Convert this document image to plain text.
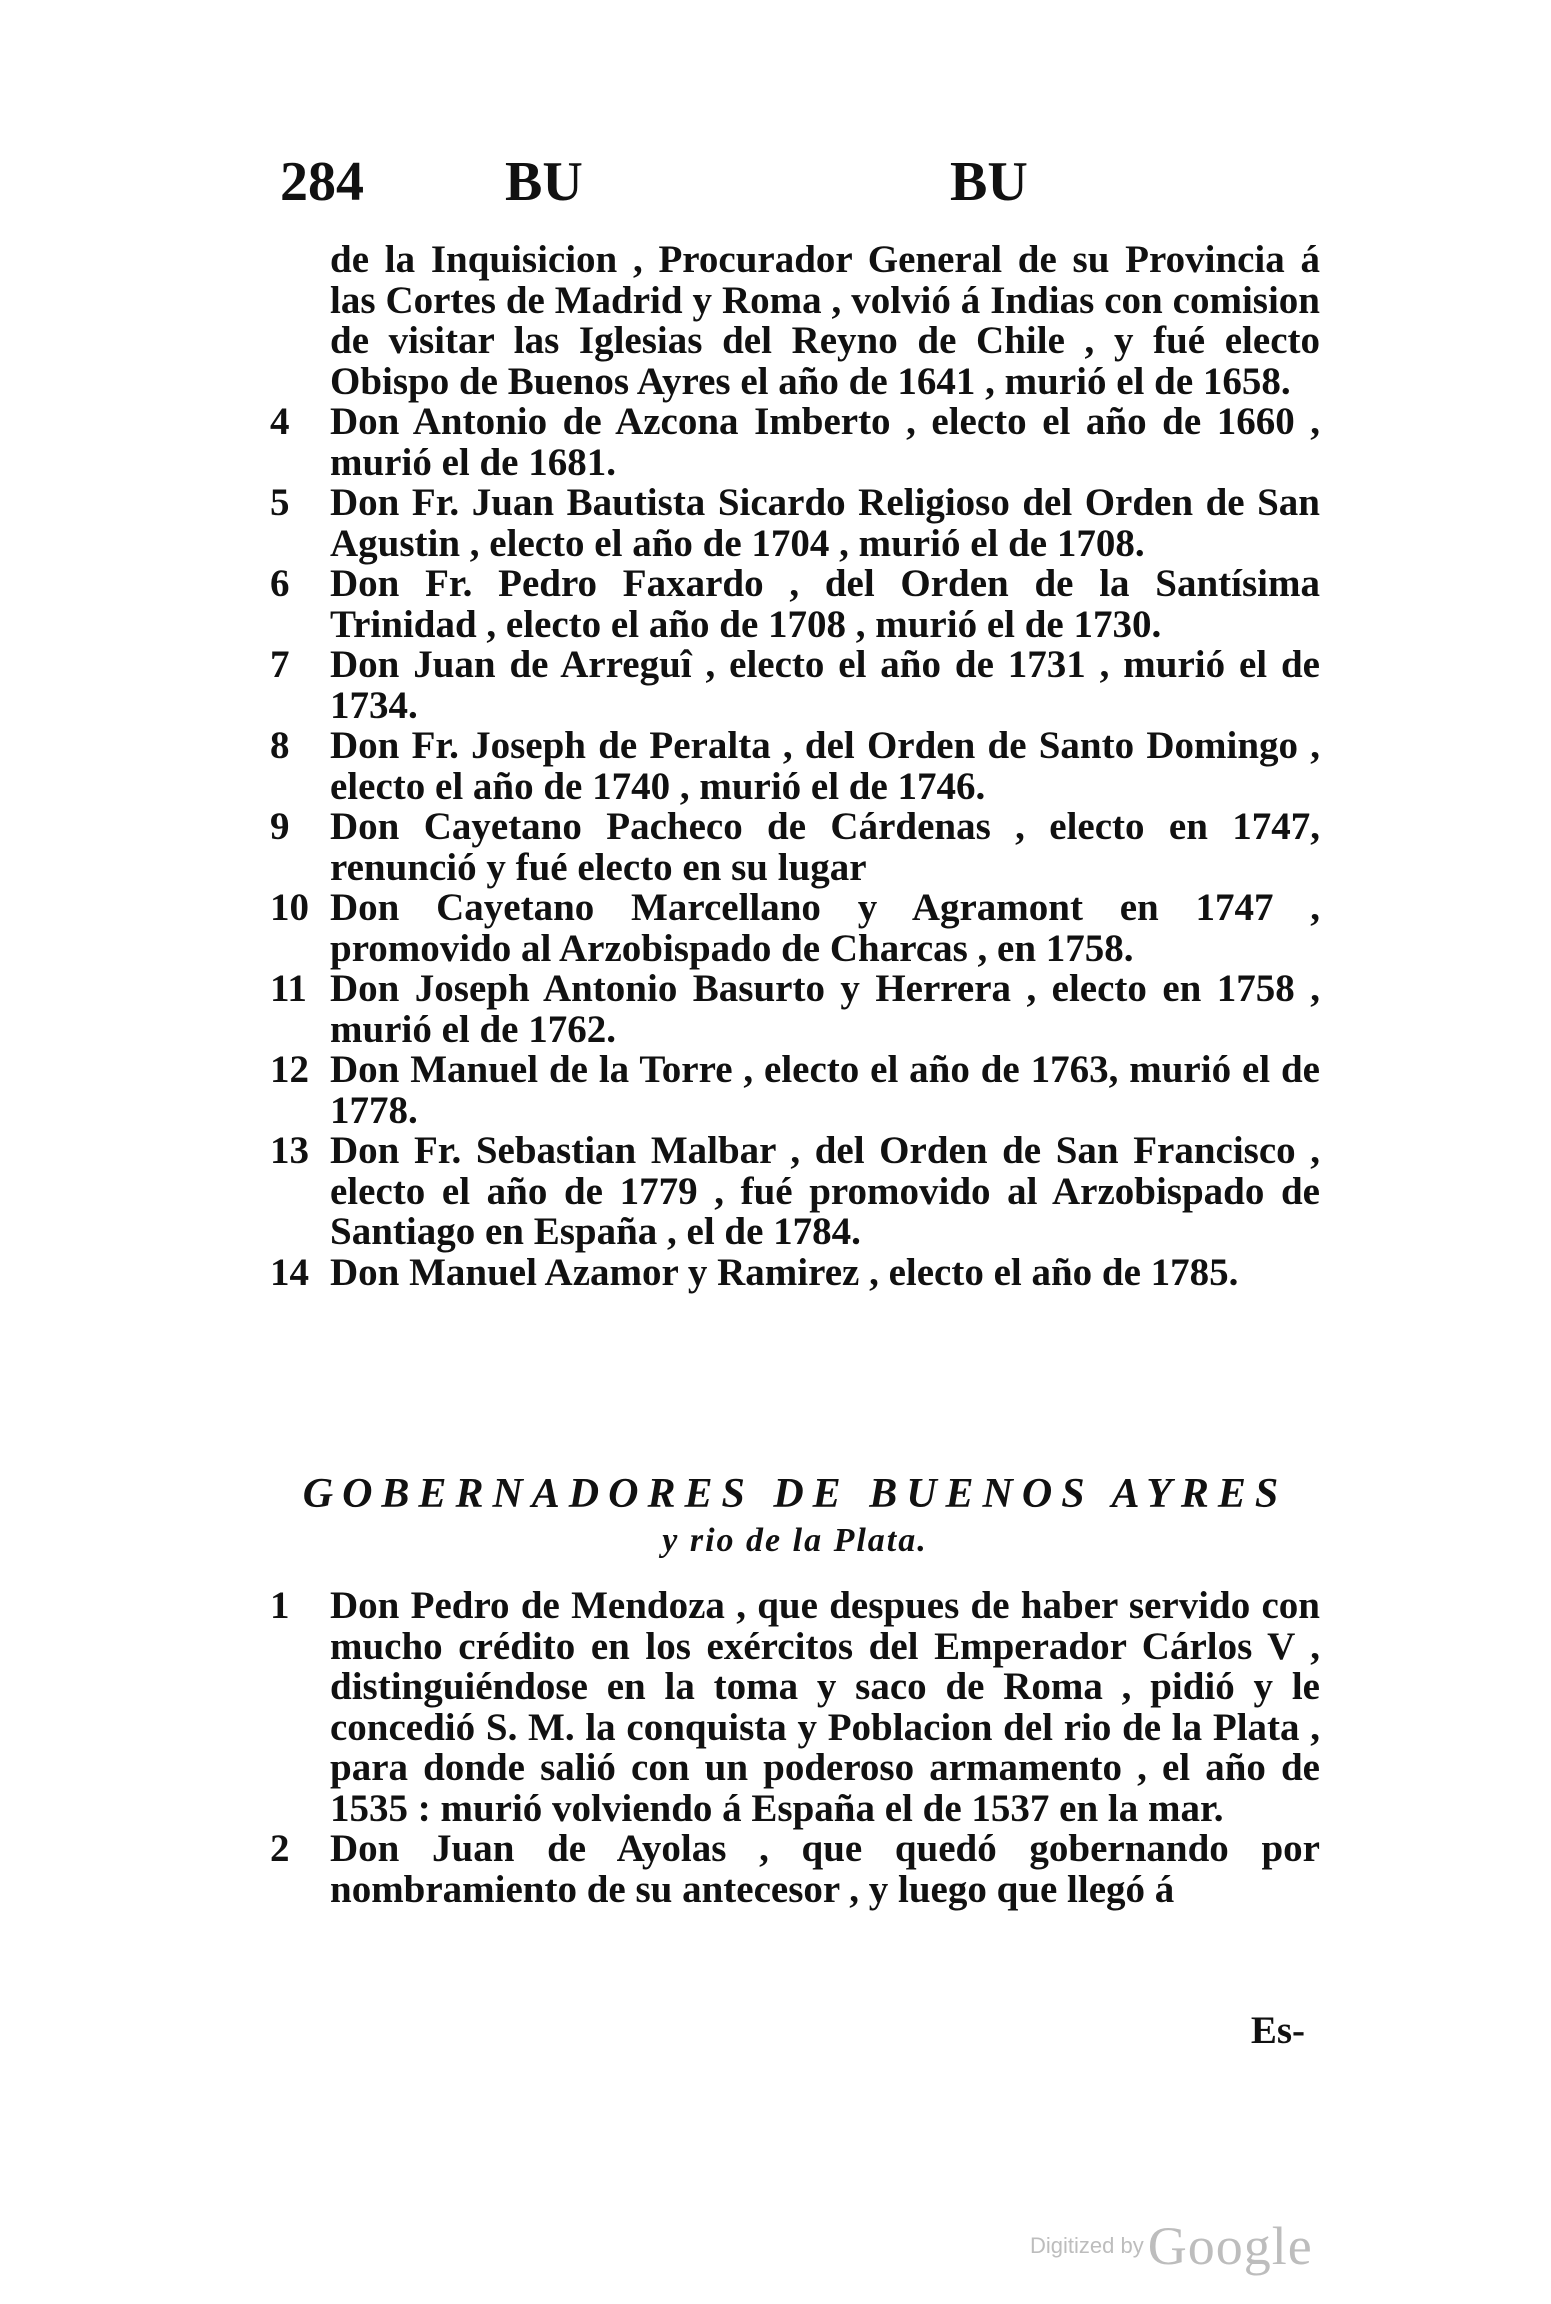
284	BU	BU
de la Inquisicion , Procurador General de su Provincia á las Cortes de Madrid y Roma , volvió á Indias con comision de visitar las Iglesias del Reyno de Chile , y fué electo Obispo de Buenos Ayres el año de 1641 , murió el de 1658.
4	Don Antonio de Azcona Imberto , electo el año de 1660 , murió el de 1681.
5	Don Fr. Juan Bautista Sicardo Religioso del Orden de San Agustin , electo el año de 1704 , murió el de 1708.
6	Don Fr. Pedro Faxardo , del Orden de la Santísima Trinidad , electo el año de 1708 , murió el de 1730.
7	Don Juan de Arreguî , electo el año de 1731 , murió el de 1734.
8	Don Fr. Joseph de Peralta , del Orden de Santo Domingo , electo el año de 1740 , murió el de 1746.
9	Don Cayetano Pacheco de Cárdenas , electo en 1747, renunció y fué electo en su lugar
10 Don Cayetano Marcellano y Agramont en 1747 , promovido al Arzobispado de Charcas , en 1758.
11 Don Joseph Antonio Basurto y Herrera , electo en 1758 , murió el de 1762.
12 Don Manuel de la Torre , electo el año de 1763, murió el de 1778.
13 Don Fr. Sebastian Malbar , del Orden de San Francisco , electo el año de 1779 , fué promovido al Arzobispado de Santiago en España , el de 1784.
14 Don Manuel Azamor y Ramirez , electo el año de 1785.
GOBERNADORES DE BUENOS AYRES
y rio de la Plata.
1	Don Pedro de Mendoza , que despues de haber servido con mucho crédito en los exércitos del Emperador Cárlos V , distinguiéndose en la toma y saco de Roma , pidió y le concedió S. M. la conquista y Poblacion del rio de la Plata , para donde salió con un poderoso armamento , el año de 1535 : murió volviendo á España el de 1537 en la mar.
2	Don Juan de Ayolas , que quedó gobernando por nombramiento de su antecesor , y luego que llegó á
Es-
Digitized by Google
